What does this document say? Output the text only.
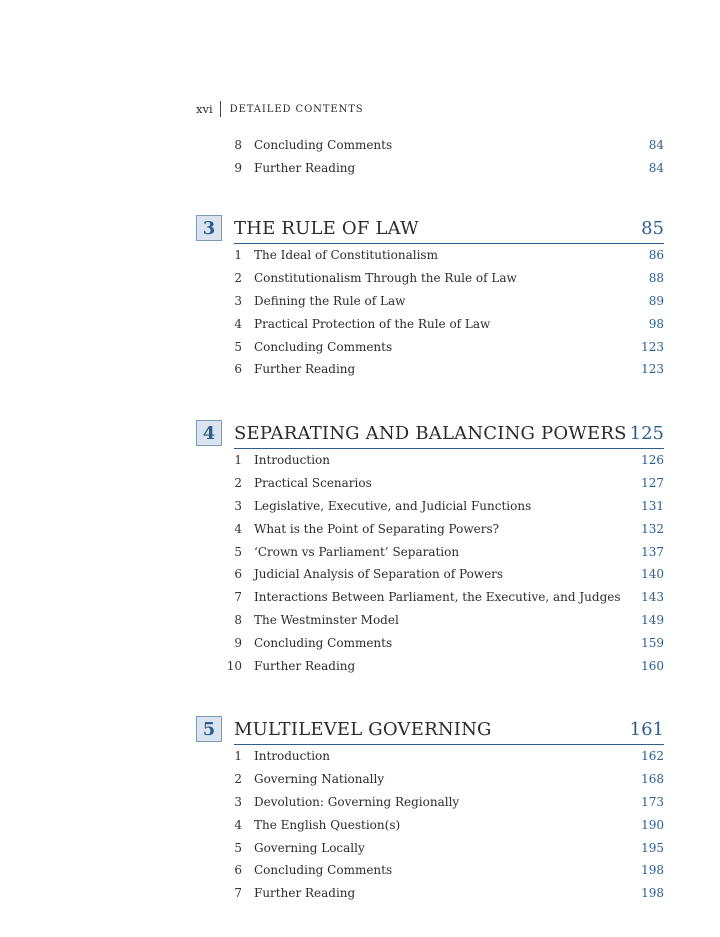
xvi DETAILED CONTENTS
8 Concluding Comments	84
9 Further Reading	84
3	THE RULE OF LAW	85
1 The Ideal of Constitutionalism	86
2 Constitutionalism Through the Rule of Law	88
3 Defining the Rule of Law	89
4 Practical Protection of the Rule of Law	98
5 Concluding Comments	123
6 Further Reading	123
4	SEPARATING AND BALANCING POWERS 125
1 Introduction	126
2 Practical Scenarios	127
3 Legislative, Executive, and Judicial Functions	131
4 What is the Point of Separating Powers?	132
5 ‘Crown vs Parliament’ Separation	137
6 Judicial Analysis of Separation of Powers	140
7 Interactions Between Parliament, the Executive, and Judges 143
8 The Westminster Model	149
9 Concluding Comments	159
10 Further Reading	160
5	MULTILEVEL GOVERNING	161
1 Introduction	162
2 Governing Nationally	168
3 Devolution: Governing Regionally	173
4 The English Question(s)	190
5 Governing Locally	195
6 Concluding Comments	198
7 Further Reading	198
